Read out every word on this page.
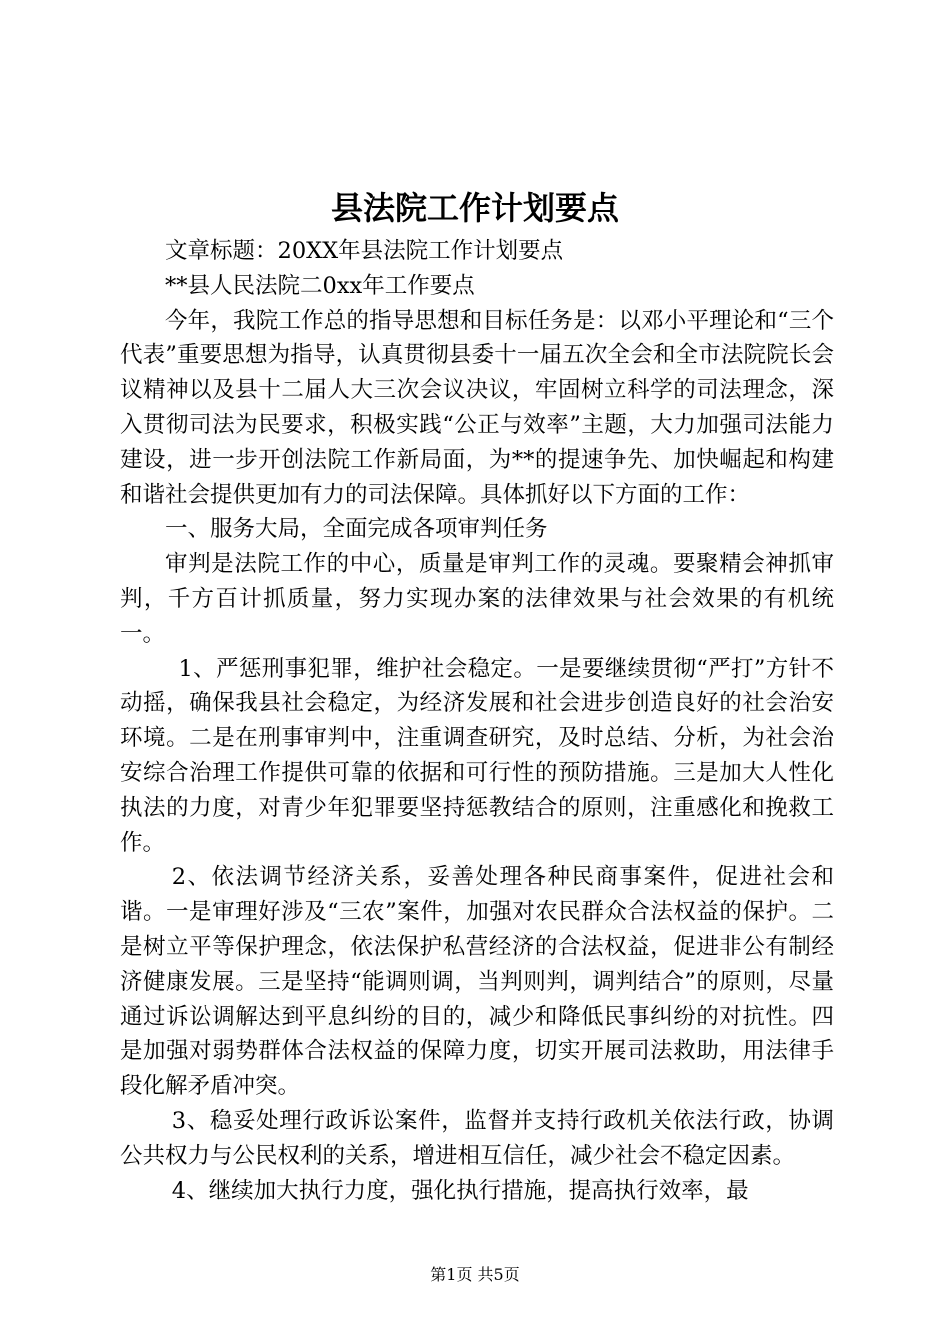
县法院工作计划要点

文章标题：20XX年县法院工作计划要点

**县人民法院二0xx年工作要点

今年，我院工作总的指导思想和目标任务是：以邓小平理论和“三个代表”重要思想为指导，认真贯彻县委十一届五次全会和全市法院院长会议精神以及县十二届人大三次会议决议，牢固树立科学的司法理念，深入贯彻司法为民要求，积极实践“公正与效率”主题，大力加强司法能力建设，进一步开创法院工作新局面，为**的提速争先、加快崛起和构建和谐社会提供更加有力的司法保障。具体抓好以下方面的工作：

一、服务大局，全面完成各项审判任务

审判是法院工作的中心，质量是审判工作的灵魂。要聚精会神抓审判，千方百计抓质量，努力实现办案的法律效果与社会效果的有机统一。

1、严惩刑事犯罪，维护社会稳定。一是要继续贯彻“严打”方针不动摇，确保我县社会稳定，为经济发展和社会进步创造良好的社会治安环境。二是在刑事审判中，注重调查研究，及时总结、分析，为社会治安综合治理工作提供可靠的依据和可行性的预防措施。三是加大人性化执法的力度，对青少年犯罪要坚持惩教结合的原则，注重感化和挽救工作。

2、依法调节经济关系，妥善处理各种民商事案件，促进社会和谐。一是审理好涉及“三农”案件，加强对农民群众合法权益的保护。二是树立平等保护理念，依法保护私营经济的合法权益，促进非公有制经济健康发展。三是坚持“能调则调，当判则判，调判结合”的原则，尽量通过诉讼调解达到平息纠纷的目的，减少和降低民事纠纷的对抗性。四是加强对弱势群体合法权益的保障力度，切实开展司法救助，用法律手段化解矛盾冲突。

3、稳妥处理行政诉讼案件，监督并支持行政机关依法行政，协调公共权力与公民权利的关系，增进相互信任，减少社会不稳定因素。

4、继续加大执行力度，强化执行措施，提高执行效率，最

第1页 共5页
